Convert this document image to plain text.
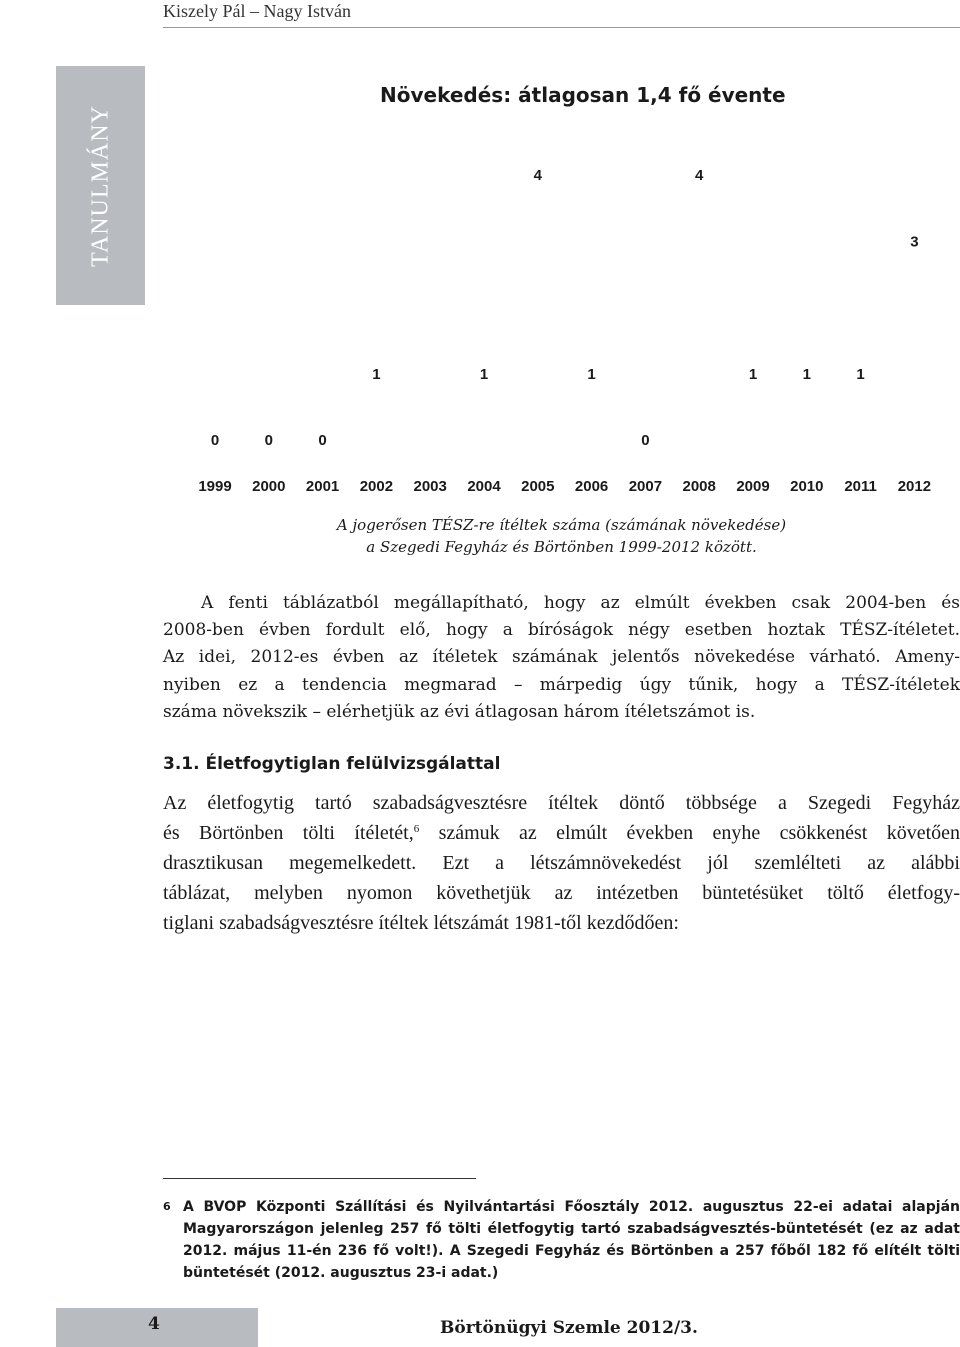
Kiszely Pál – Nagy István
TANULMÁNY
Növekedés: átlagosan 1,4 fő évente
1999
0
2000
0
2001
0
2002
1
2003 2004
1
2005
4
2006
1
2007
0
2008
4
2009
1
2010
1
2011
1
2012
3
A jogerősen TÉSZ-re ítéltek száma (számának növekedése)
a Szegedi Fegyház és Börtönben 1999-2012 között.
A fenti táblázatból megállapítható, hogy az elmúlt években csak 2004-ben és
2008-ben évben fordult elő, hogy a bíróságok négy esetben hoztak TÉSZ-ítéletet.
Az idei, 2012-es évben az ítéletek számának jelentős növekedése várható. Ameny-
nyiben ez a tendencia megmarad – márpedig úgy tűnik, hogy a TÉSZ-ítéletek
száma növekszik – elérhetjük az évi átlagosan három ítéletszámot is.
3.1. Életfogytiglan felülvizsgálattal
Az életfogytig tartó szabadságvesztésre ítéltek döntő többsége a Szegedi Fegyház
és Börtönben tölti ítéletét,$^6$ számuk az elmúlt években enyhe csökkenést követően
drasztikusan megemelkedett. Ezt a létszámnövekedést jól szemlélteti az alábbi
táblázat, melyben nyomon követhetjük az intézetben büntetésüket töltő életfogy-
tiglani szabadságvesztésre ítéltek létszámát 1981-től kezdődően:
6 A BVOP Központi Szállítási és Nyilvántartási Főosztály 2012. augusztus 22-ei adatai alapján
Magyarországon jelenleg 257 fő tölti életfogytig tartó szabadságvesztés-büntetését (ez az adat
2012. május 11-én 236 fő volt!). A Szegedi Fegyház és Börtönben a 257 főből 182 fő elítélt tölti
büntetését (2012. augusztus 23-i adat.)
4	Börtönügyi Szemle 2012/3.
